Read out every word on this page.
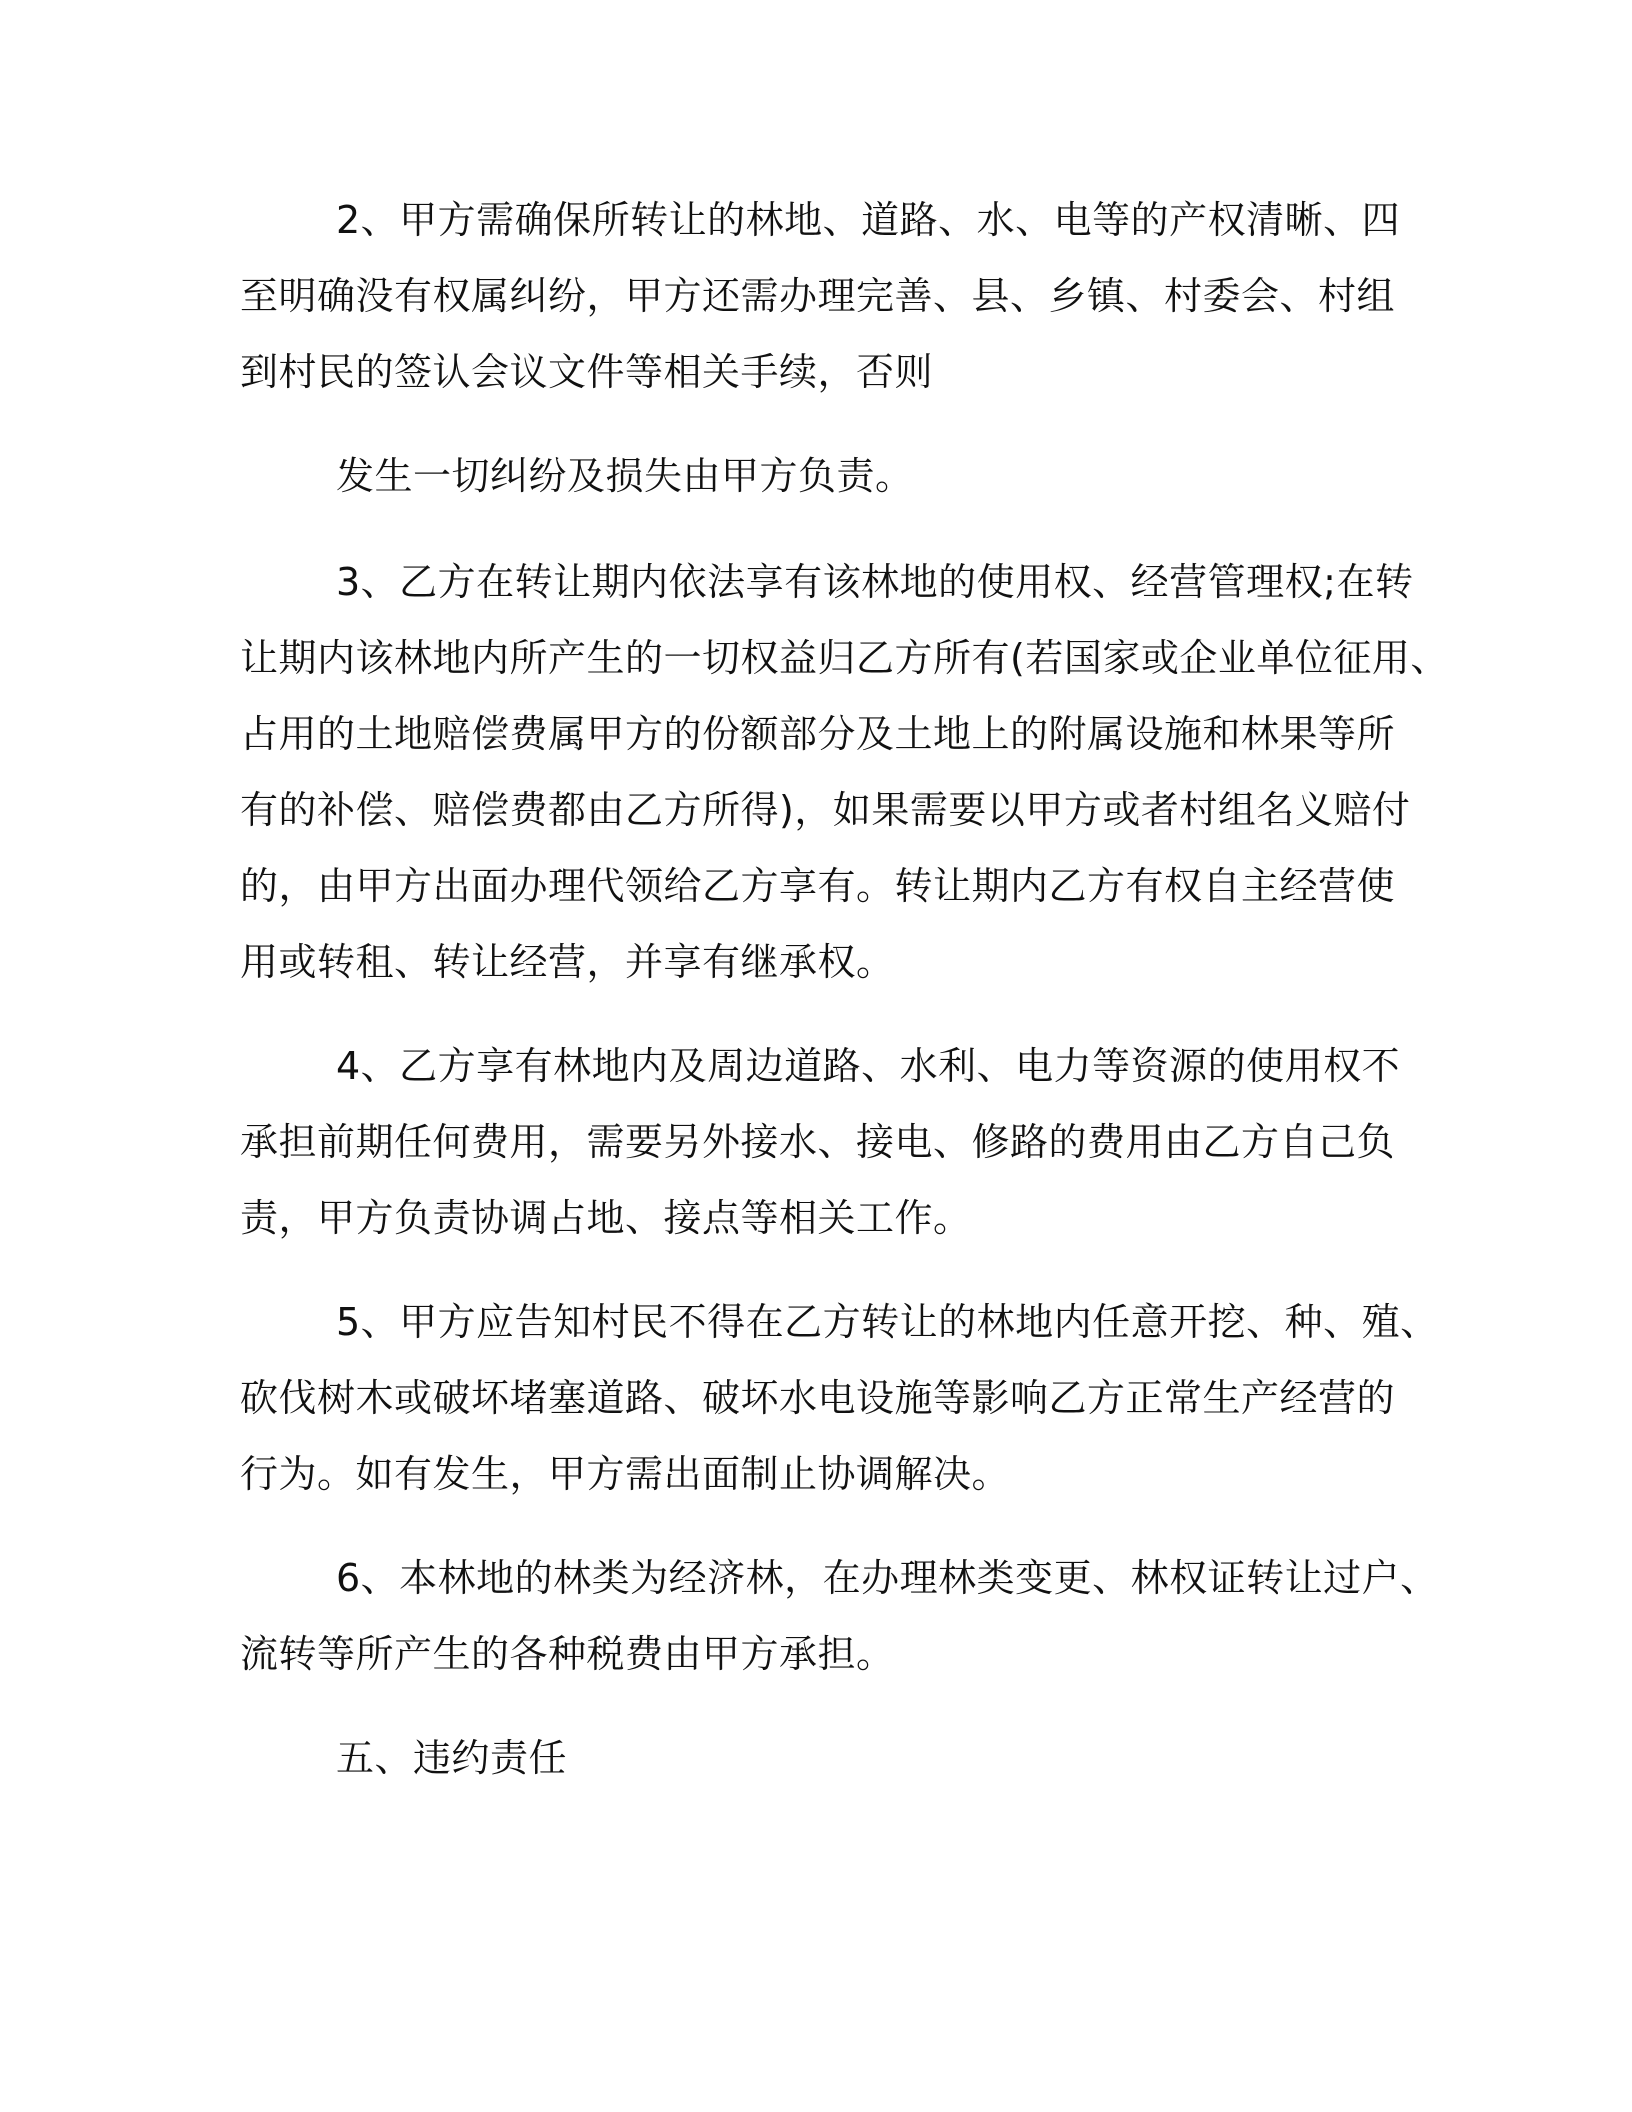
2、甲方需确保所转让的林地、道路、水、电等的产权清晰、四
至明确没有权属纠纷，甲方还需办理完善、县、乡镇、村委会、村组
到村民的签认会议文件等相关手续，否则
发生一切纠纷及损失由甲方负责。
3、乙方在转让期内依法享有该林地的使用权、经营管理权;在转
让期内该林地内所产生的一切权益归乙方所有(若国家或企业单位征用、
占用的土地赔偿费属甲方的份额部分及土地上的附属设施和林果等所
有的补偿、赔偿费都由乙方所得)，如果需要以甲方或者村组名义赔付
的，由甲方出面办理代领给乙方享有。转让期内乙方有权自主经营使
用或转租、转让经营，并享有继承权。
4、乙方享有林地内及周边道路、水利、电力等资源的使用权不
承担前期任何费用，需要另外接水、接电、修路的费用由乙方自己负
责，甲方负责协调占地、接点等相关工作。
5、甲方应告知村民不得在乙方转让的林地内任意开挖、种、殖、
砍伐树木或破坏堵塞道路、破坏水电设施等影响乙方正常生产经营的
行为。如有发生，甲方需出面制止协调解决。
6、本林地的林类为经济林，在办理林类变更、林权证转让过户、
流转等所产生的各种税费由甲方承担。
五、违约责任
